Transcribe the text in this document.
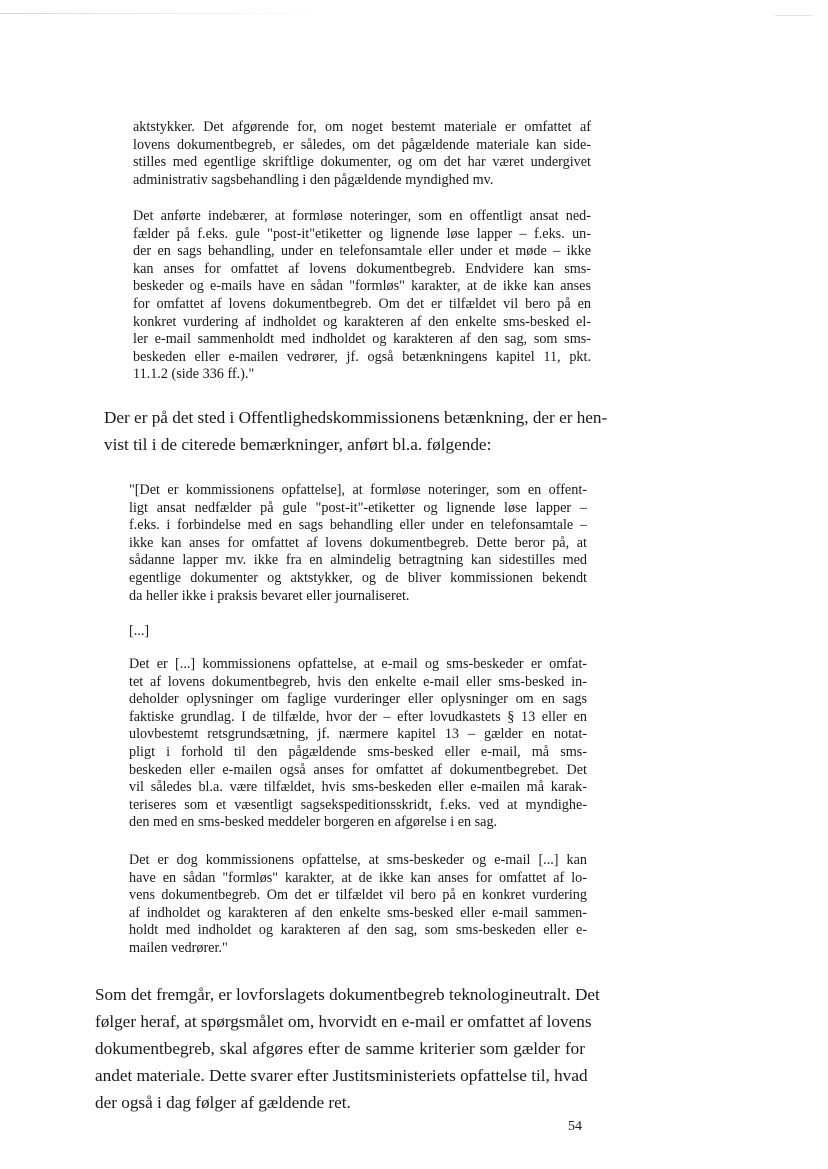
aktstykker. Det afgørende for, om noget bestemt materiale er omfattet af
lovens dokumentbegreb, er således, om det pågældende materiale kan side-
stilles med egentlige skriftlige dokumenter, og om det har været undergivet
administrativ sagsbehandling i den pågældende myndighed mv.
Det anførte indebærer, at formløse noteringer, som en offentligt ansat ned-
fælder på f.eks. gule "post-it"etiketter og lignende løse lapper – f.eks. un-
der en sags behandling, under en telefonsamtale eller under et møde – ikke
kan anses for omfattet af lovens dokumentbegreb. Endvidere kan sms-
beskeder og e-mails have en sådan "formløs" karakter, at de ikke kan anses
for omfattet af lovens dokumentbegreb. Om det er tilfældet vil bero på en
konkret vurdering af indholdet og karakteren af den enkelte sms-besked el-
ler e-mail sammenholdt med indholdet og karakteren af den sag, som sms-
beskeden eller e-mailen vedrører, jf. også betænkningens kapitel 11, pkt.
11.1.2 (side 336 ff.)."
Der er på det sted i Offentlighedskommissionens betænkning, der er hen-
vist til i de citerede bemærkninger, anført bl.a. følgende:
"[Det er kommissionens opfattelse], at formløse noteringer, som en offent-
ligt ansat nedfælder på gule "post-it"-etiketter og lignende løse lapper –
f.eks. i forbindelse med en sags behandling eller under en telefonsamtale –
ikke kan anses for omfattet af lovens dokumentbegreb. Dette beror på, at
sådanne lapper mv. ikke fra en almindelig betragtning kan sidestilles med
egentlige dokumenter og aktstykker, og de bliver kommissionen bekendt
da heller ikke i praksis bevaret eller journaliseret.
[...]
Det er [...] kommissionens opfattelse, at e-mail og sms-beskeder er omfat-
tet af lovens dokumentbegreb, hvis den enkelte e-mail eller sms-besked in-
deholder oplysninger om faglige vurderinger eller oplysninger om en sags
faktiske grundlag. I de tilfælde, hvor der – efter lovudkastets § 13 eller en
ulovbestemt retsgrundsætning, jf. nærmere kapitel 13 – gælder en notat-
pligt i forhold til den pågældende sms-besked eller e-mail, må sms-
beskeden eller e-mailen også anses for omfattet af dokumentbegrebet. Det
vil således bl.a. være tilfældet, hvis sms-beskeden eller e-mailen må karak-
teriseres som et væsentligt sagsekspeditionsskridt, f.eks. ved at myndighe-
den med en sms-besked meddeler borgeren en afgørelse i en sag.
Det er dog kommissionens opfattelse, at sms-beskeder og e-mail [...] kan
have en sådan "formløs" karakter, at de ikke kan anses for omfattet af lo-
vens dokumentbegreb. Om det er tilfældet vil bero på en konkret vurdering
af indholdet og karakteren af den enkelte sms-besked eller e-mail sammen-
holdt med indholdet og karakteren af den sag, som sms-beskeden eller e-
mailen vedrører."
Som det fremgår, er lovforslagets dokumentbegreb teknologineutralt. Det
følger heraf, at spørgsmålet om, hvorvidt en e-mail er omfattet af lovens
dokumentbegreb, skal afgøres efter de samme kriterier som gælder for
andet materiale. Dette svarer efter Justitsministeriets opfattelse til, hvad
der også i dag følger af gældende ret.
54
